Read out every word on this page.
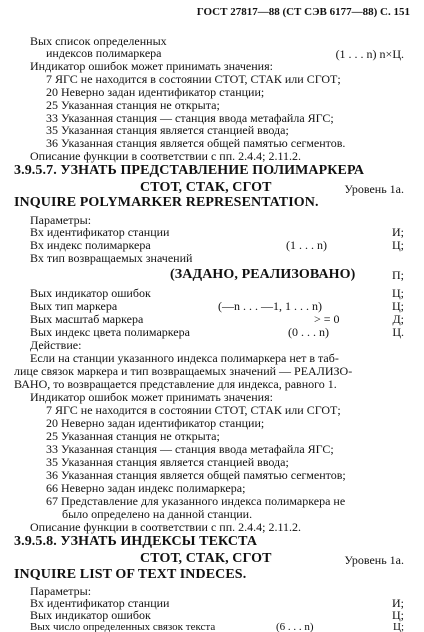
ГОСТ 27817—88 (СТ СЭВ 6177—88) С. 151
Вых список определенных
индексов полимаркера	(1 . . . n) n×Ц.
Индикатор ошибок может принимать значения:
7 ЯГС не находится в состоянии СТОТ, СТАК или СГОТ;
20 Неверно задан идентификатор станции;
25 Указанная станция не открыта;
33 Указанная станция — станция ввода метафайла ЯГС;
35 Указанная станция является станцией ввода;
36 Указанная станция является общей памятью сегментов.
Описание функции в соответствии с пп. 2.4.4; 2.11.2.
3.9.5.7. УЗНАТЬ ПРЕДСТАВЛЕНИЕ ПОЛИМАРКЕРА
СТОТ, СТАК, СГОТ	Уровень 1a.
INQUIRE POLYMARKER REPRESENTATION.
Параметры:
Вх идентификатор станции	И;
Вх индекс полимаркера	(1 . . . n)	Ц;
Вх тип возвращаемых значений
(ЗАДАНО, РЕАЛИЗОВАНО)	П;
Вых индикатор ошибок	Ц;
Вых тип маркера	(—n . . . —1, 1 . . . n)	Ц;
Вых масштаб маркера	> = 0	Д;
Вых индекс цвета полимаркера	(0 . . . n)	Ц.
Действие:
Если на станции указанного индекса полимаркера нет в таб-
лице связок маркера и тип возвращаемых значений — РЕАЛИЗО-
ВАНО, то возвращается представление для индекса, равного 1.
Индикатор ошибок может принимать значения:
7 ЯГС не находится в состоянии СТОТ, СТАК или СГОТ;
20 Неверно задан идентификатор станции;
25 Указанная станция не открыта;
33 Указанная станция — станция ввода метафайла ЯГС;
35 Указанная станция является станцией ввода;
36 Указанная станция является общей памятью сегментов;
66 Неверно задан индекс полимаркера;
67 Представление для указанного индекса полимаркера не
было определено на данной станции.
Описание функции в соответствии с пп. 2.4.4; 2.11.2.
3.9.5.8. УЗНАТЬ ИНДЕКСЫ ТЕКСТА
СТОТ, СТАК, СГОТ	Уровень 1a.
INQUIRE LIST OF TEXT INDECES.
Параметры:
Вх идентификатор станции	И;
Вых индикатор ошибок	Ц;
Вых число определенных связок текста	(6 . . . n)	Ц;
